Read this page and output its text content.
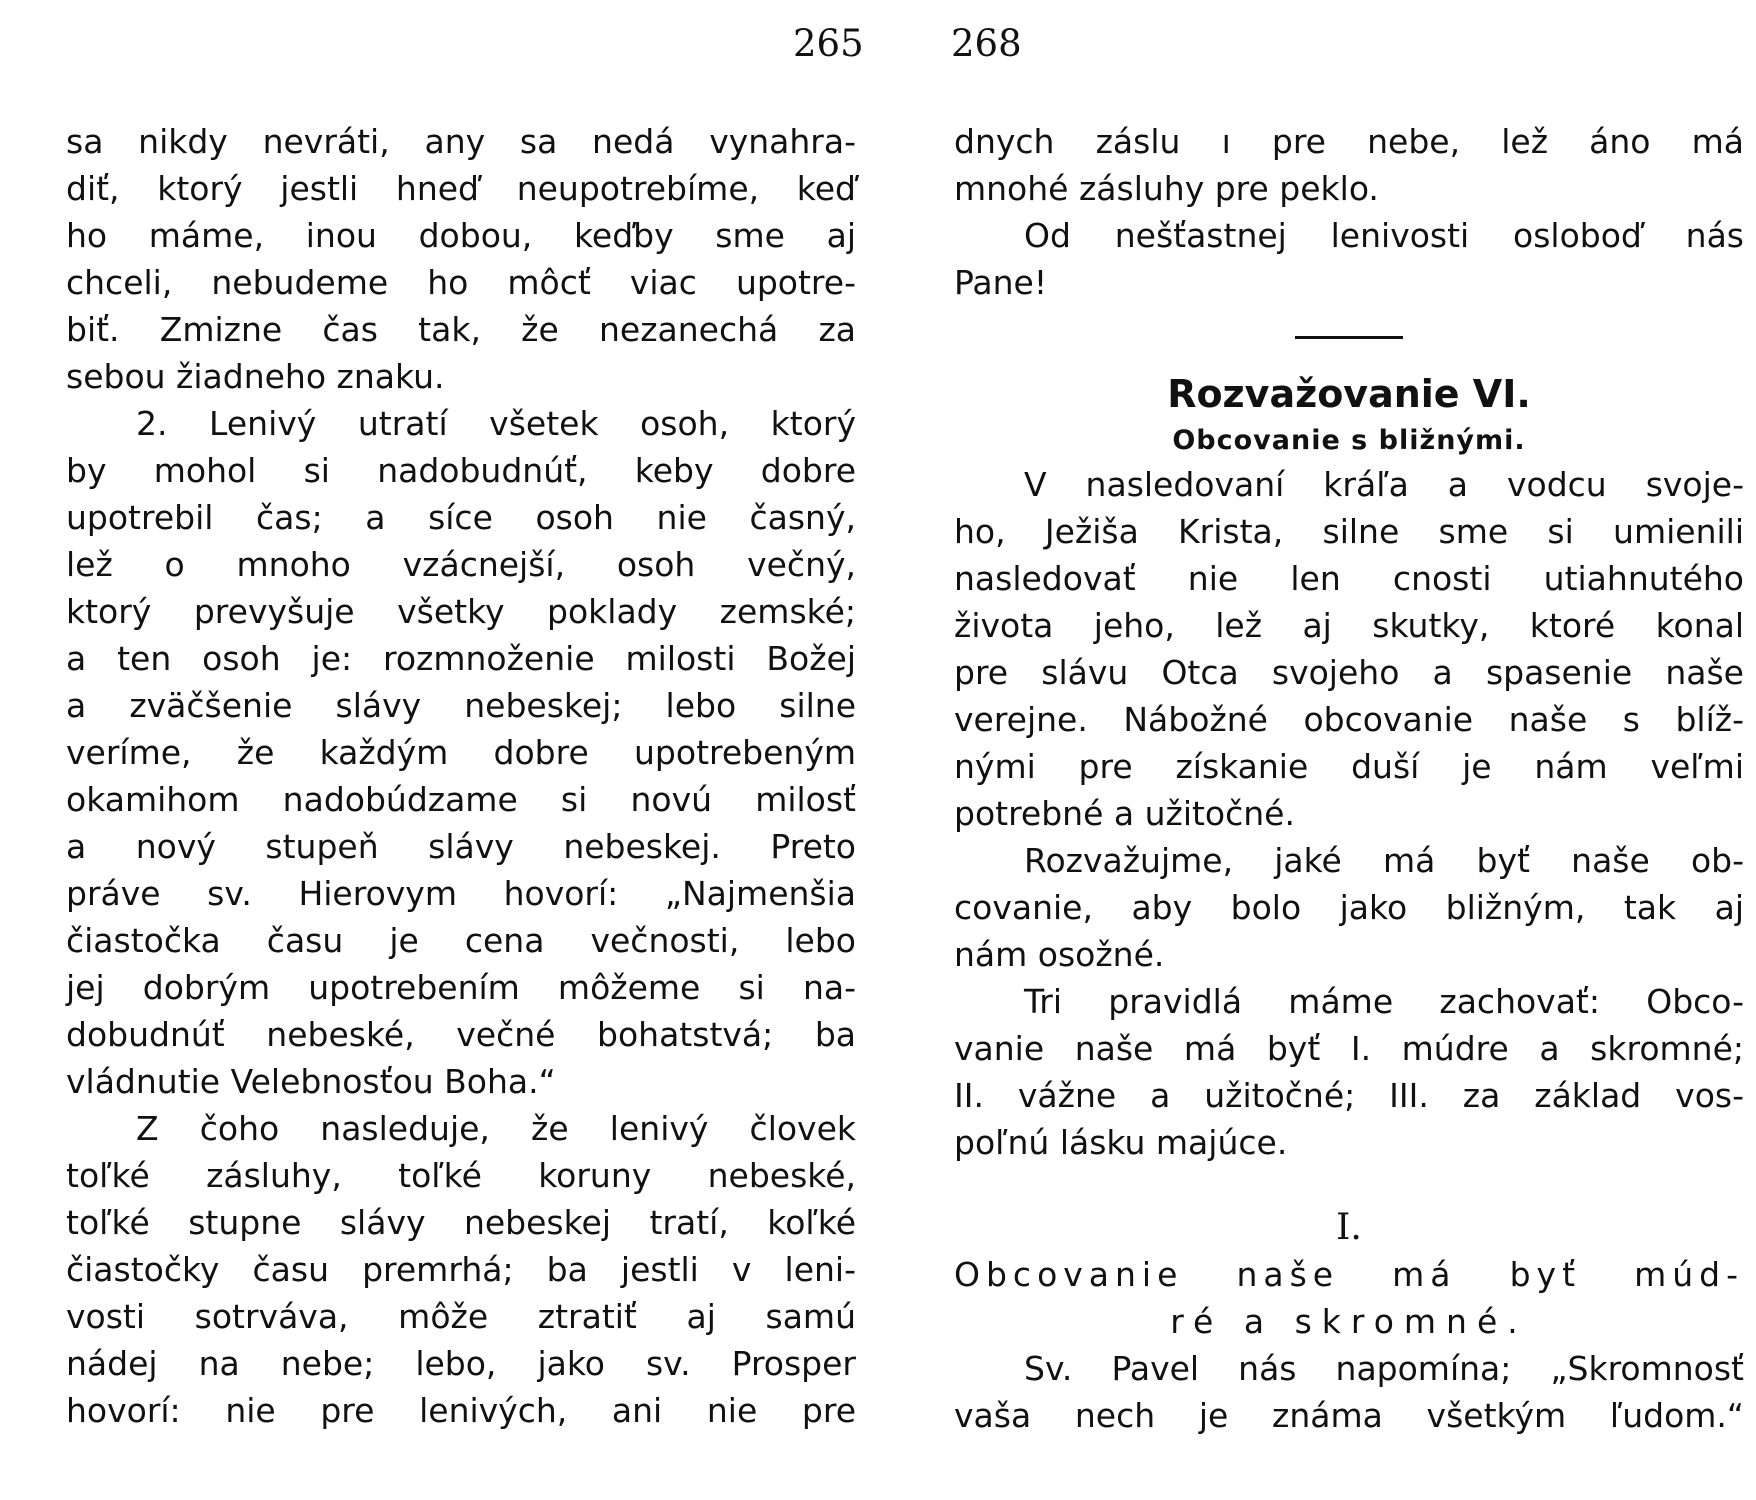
265
sa nikdy nevráti, any sa nedá vynahra-
diť, ktorý jestli hneď neupotrebíme, keď
ho máme, inou dobou, keďby sme aj
chceli, nebudeme ho môcť viac upotre-
biť. Zmizne čas tak, že nezanechá za
sebou žiadneho znaku.
2. Lenivý utratí všetek osoh, ktorý
by mohol si nadobudnúť, keby dobre
upotrebil čas; a síce osoh nie časný,
lež o mnoho vzácnejší, osoh večný,
ktorý prevyšuje všetky poklady zemské;
a ten osoh je: rozmnoženie milosti Božej
a zväčšenie slávy nebeskej; lebo silne
veríme, že každým dobre upotrebeným
okamihom nadobúdzame si novú milosť
a nový stupeň slávy nebeskej. Preto
práve sv. Hierovym hovorí: „Najmenšia
čiastočka času je cena večnosti, lebo
jej dobrým upotrebením môžeme si na-
dobudnúť nebeské, večné bohatstvá; ba
vládnutie Velebnosťou Boha.“
Z čoho nasleduje, že lenivý človek
toľké zásluhy, toľké koruny nebeské,
toľké stupne slávy nebeskej tratí, koľké
čiastočky času premrhá; ba jestli v leni-
vosti sotrváva, môže ztratiť aj samú
nádej na nebe; lebo, jako sv. Prosper
hovorí: nie pre lenivých, ani nie pre
268
dnych záslu ı pre nebe, lež áno má
mnohé zásluhy pre peklo.
Od nešťastnej lenivosti osloboď nás
Pane!
Rozvažovanie VI.
Obcovanie s bližnými.
V nasledovaní kráľa a vodcu svoje-
ho, Ježiša Krista, silne sme si umienili
nasledovať nie len cnosti utiahnutého
života jeho, lež aj skutky, ktoré konal
pre slávu Otca svojeho a spasenie naše
verejne. Nábožné obcovanie naše s blíž-
nými pre získanie duší je nám veľmi
potrebné a užitočné.
Rozvažujme, jaké má byť naše ob-
covanie, aby bolo jako bližným, tak aj
nám osožné.
Tri pravidlá máme zachovať: Obco-
vanie naše má byť I. múdre a skromné;
II. vážne a užitočné; III. za základ vos-
poľnú lásku majúce.
I.
Obcovanie naše má byť múd-
ré a skromné.
Sv. Pavel nás napomína; „Skromnosť
vaša nech je známa všetkým ľudom.“
